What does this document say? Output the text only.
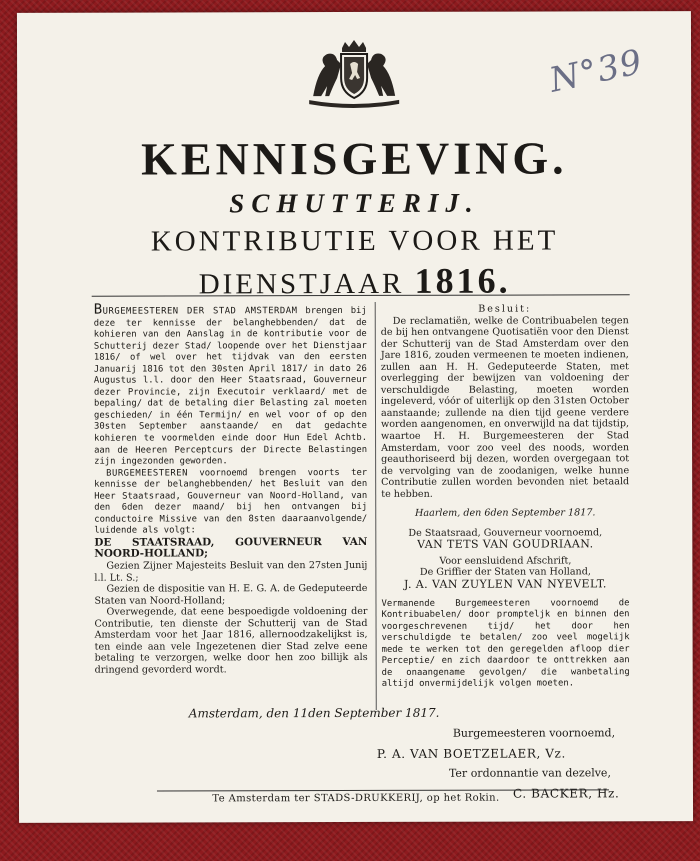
N°39
KENNISGEVING.
SCHUTTERIJ.
KONTRIBUTIE VOOR HET
DIENSTJAAR 1816.

BURGEMEESTEREN DER STAD AMSTERDAM brengen bij deze ter kennisse der belanghebbenden/ dat de kohieren van den Aanslag in de kontributie voor de Schutterij dezer Stad/ loopende over het Dienstjaar 1816/ of wel over het tijdvak van den eersten Januarij 1816 tot den 30sten April 1817/ in dato 26 Augustus l.l. door den Heer Staatsraad, Gouverneur dezer Provincie, zijn Executoir verklaard/ met de bepaling/ dat de betaling dier Belasting zal moeten geschieden/ in één Termijn/ en wel voor of op den 30sten September aanstaande/ en dat gedachte kohieren te voormelden einde door Hun Edel Achtb. aan de Heeren Perceptcurs der Directe Belastingen zijn ingezonden geworden.

BURGEMEESTEREN voornoemd brengen voorts ter kennisse der belanghebbenden/ het Besluit van den Heer Staatsraad, Gouverneur van Noord-Holland, van den 6den dezer maand/ bij hen ontvangen bij conductoire Missive van den 8sten daaraanvolgende/ luidende als volgt:

DE STAATSRAAD, GOUVERNEUR VAN NOORD-HOLLAND;

Gezien Zijner Majesteits Besluit van den 27sten Junij l.l. Lt. S.;

Gezien de dispositie van H. E. G. A. de Gedeputeerde Staten van Noord-Holland;

Overwegende, dat eene bespoedigde voldoening der Contributie, ten dienste der Schutterij van de Stad Amsterdam voor het Jaar 1816, allernoodzakelijkst is, ten einde aan vele Ingezetenen dier Stad zelve eene betaling te verzorgen, welke door hen zoo billijk als dringend gevorderd wordt.

Besluit:

De reclamatiën, welke de Contribuabelen tegen de bij hen ontvangene Quotisatiën voor den Dienst der Schutterij van de Stad Amsterdam over den Jare 1816, zouden vermeenen te moeten indienen, zullen aan H. H. Gedeputeerde Staten, met overlegging der bewijzen van voldoening der verschuldigde Belasting, moeten worden ingeleverd, vóór of uiterlijk op den 31sten October aanstaande; zullende na dien tijd geene verdere worden aangenomen, en onverwijld na dat tijdstip, waartoe H. H. Burgemeesteren der Stad Amsterdam, voor zoo veel des noods, worden geauthoriseerd bij dezen, worden overgegaan tot de vervolging van de zoodanigen, welke hunne Contributie zullen worden bevonden niet betaald te hebben.

Haarlem, den 6den September 1817.

De Staatsraad, Gouverneur voornoemd,

VAN TETS VAN GOUDRIAAN.

Voor eensluidend Afschrift,

De Griffier der Staten van Holland,

J. A. VAN ZUYLEN VAN NYEVELT.

Vermanende Burgemeesteren voornoemd de Kontribuabelen/ door prompteljk en binnen den voorgeschrevenen tijd/ het door hen verschuldigde te betalen/ zoo veel mogelijk mede te werken tot den geregelden afloop dier Perceptie/ en zich daardoor te onttrekken aan de onaangename gevolgen/ die wanbetaling altijd onvermijdelijk volgen moeten.

Amsterdam, den 11den September 1817.
Burgemeesteren voornoemd,
P. A. VAN BOETZELAER, Vz.
Ter ordonnantie van dezelve,
C. BACKER, Hz.
Te Amsterdam ter STADS-DRUKKERIJ, op het Rokin.
